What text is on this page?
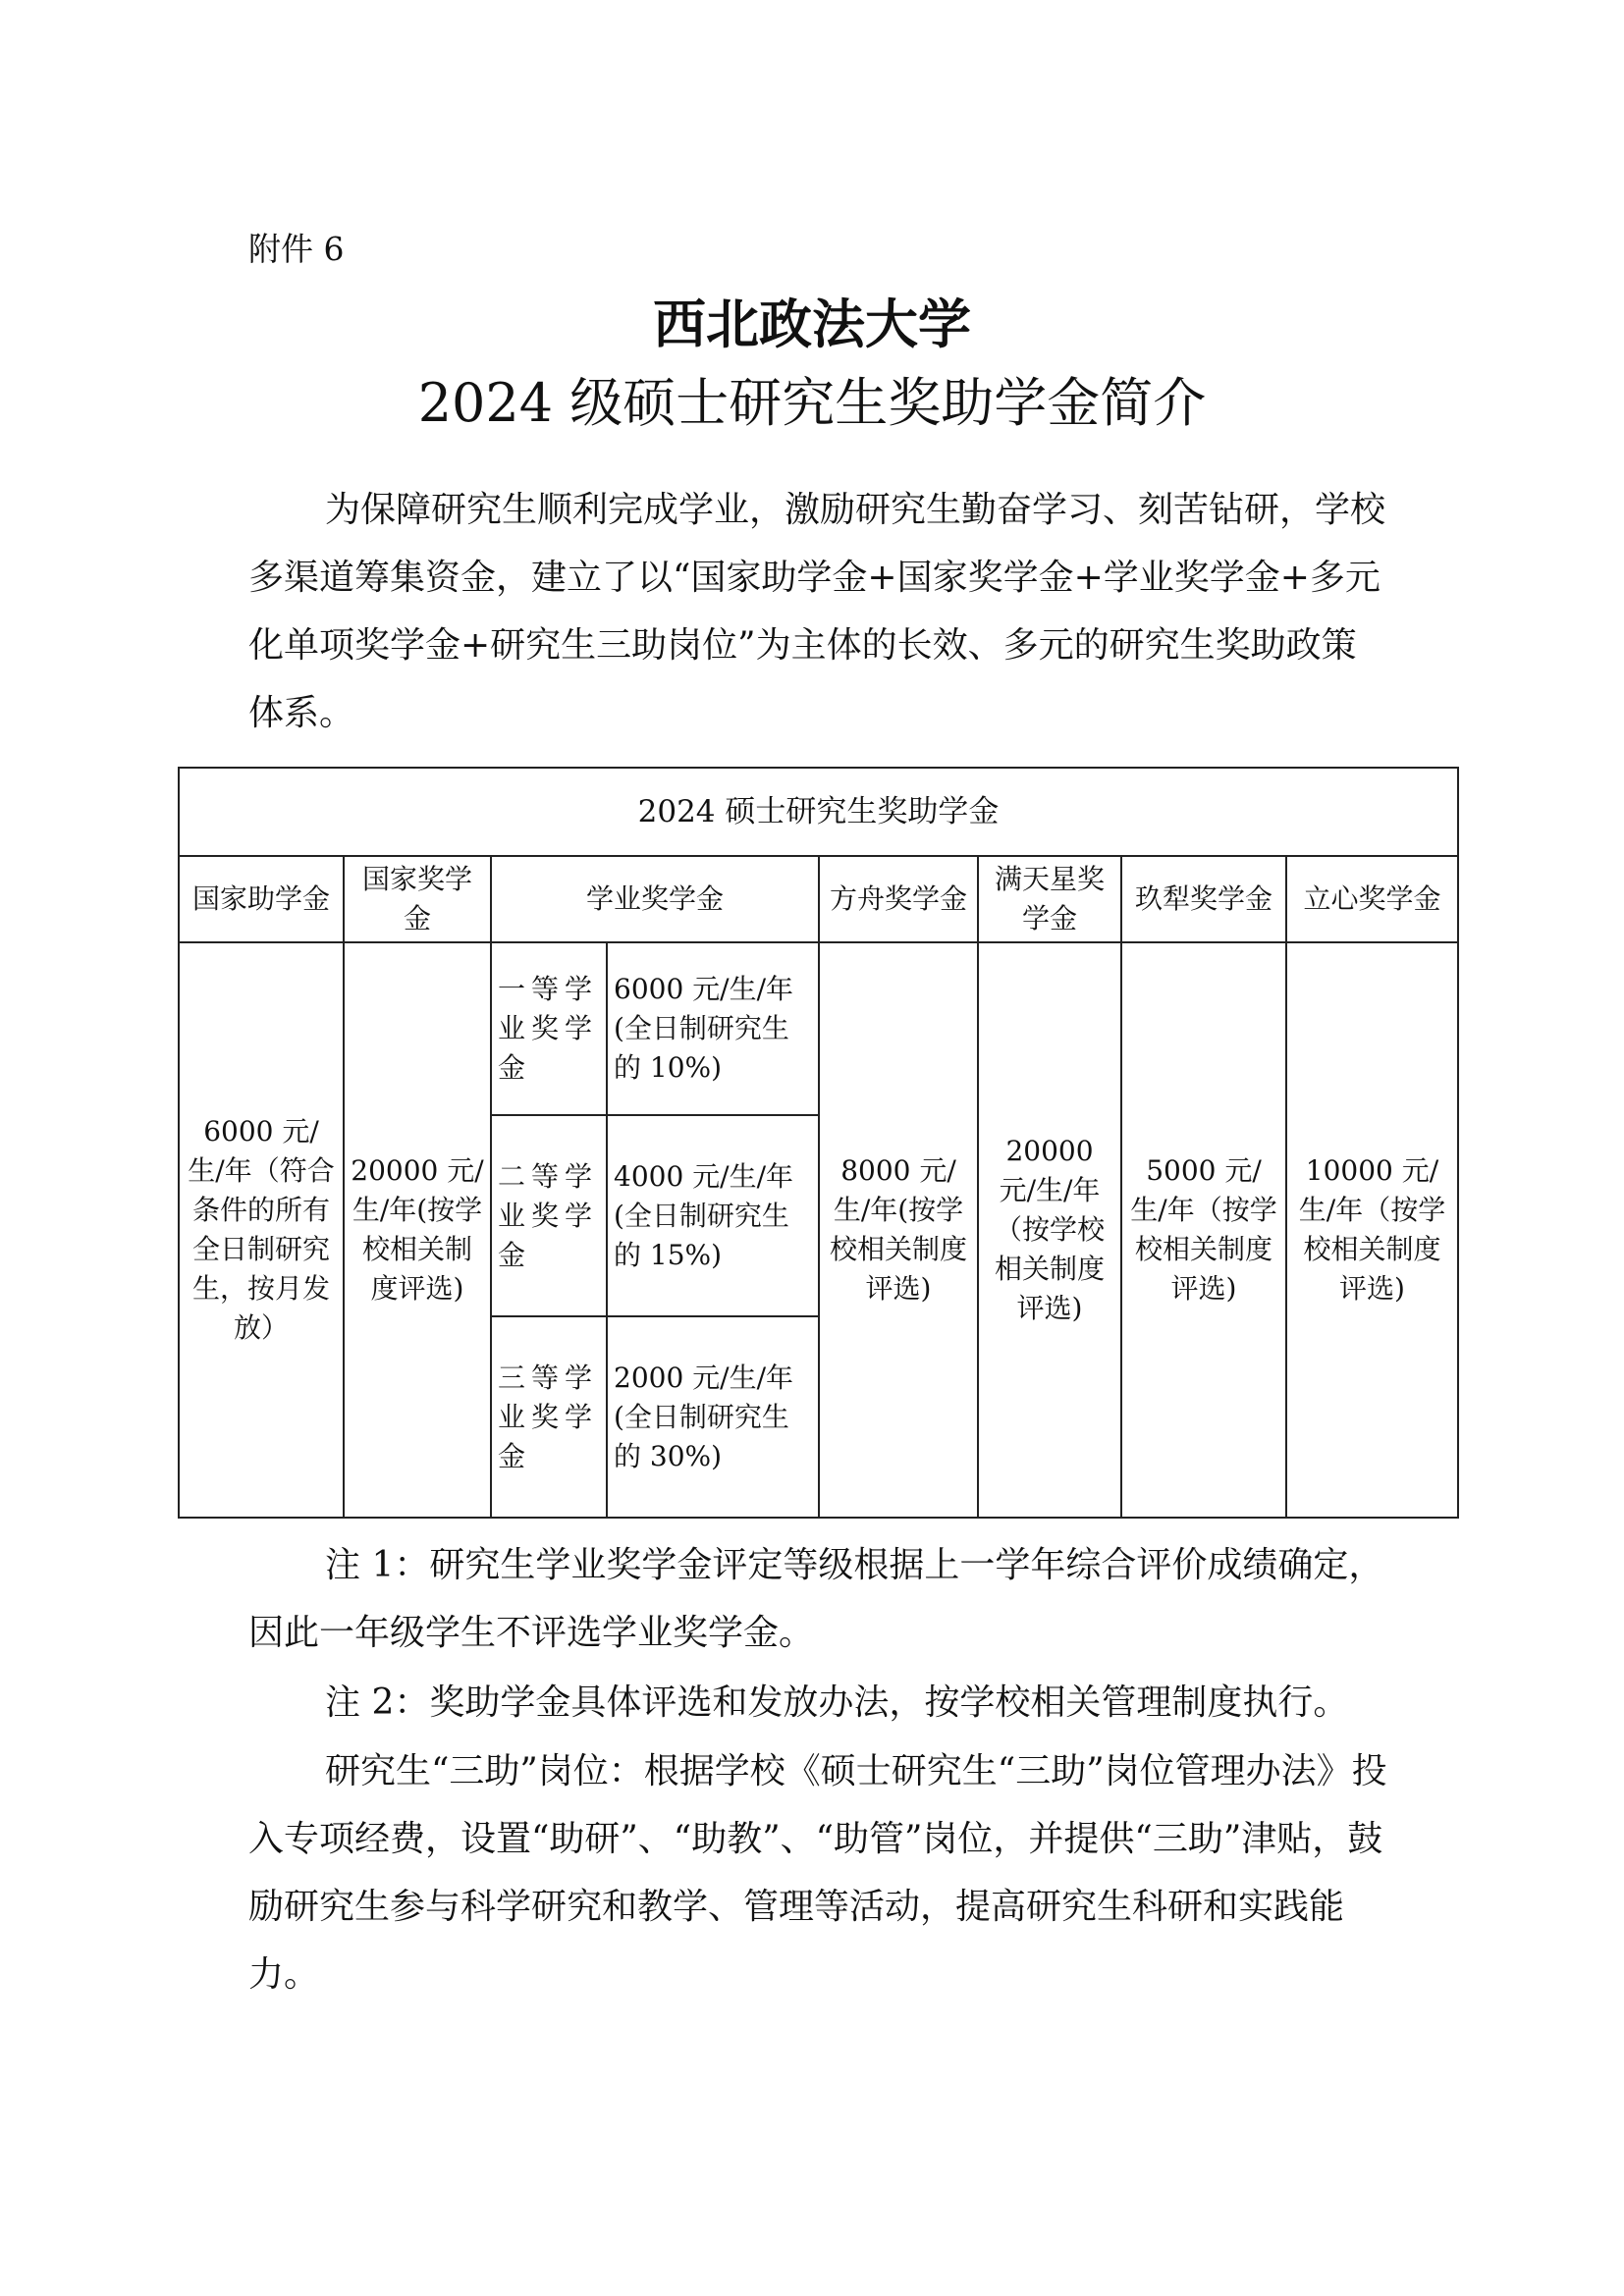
附件 6
西北政法大学
2024 级硕士研究生奖助学金简介
为保障研究生顺利完成学业，激励研究生勤奋学习、刻苦钻研，学校多渠道筹集资金，建立了以“国家助学金+国家奖学金+学业奖学金+多元化单项奖学金+研究生三助岗位”为主体的长效、多元的研究生奖助政策体系。
2024 硕士研究生奖助学金							
国家助学金	国家奖学金	学业奖学金		方舟奖学金	满天星奖学金	玖犁奖学金	立心奖学金
6000 元/生/年（符合条件的所有全日制研究生，按月发放）	20000 元/生/年(按学校相关制度评选)	一等学业奖学金	6000 元/生/年(全日制研究生的 10%)	8000 元/生/年(按学校相关制度评选)	20000 元/生/年 （按学校相关制度评选)	5000 元/生/年（按学校相关制度评选)	10000 元/生/年（按学校相关制度评选)
		二等学业奖学金	4000 元/生/年(全日制研究生的 15%)				
		三等学业奖学金	2000 元/生/年(全日制研究生的 30%)				
注 1：研究生学业奖学金评定等级根据上一学年综合评价成绩确定，因此一年级学生不评选学业奖学金。
注 2：奖助学金具体评选和发放办法，按学校相关管理制度执行。
研究生“三助”岗位：根据学校《硕士研究生“三助”岗位管理办法》投入专项经费，设置“助研”、“助教”、“助管”岗位，并提供“三助”津贴，鼓励研究生参与科学研究和教学、管理等活动，提高研究生科研和实践能力。
